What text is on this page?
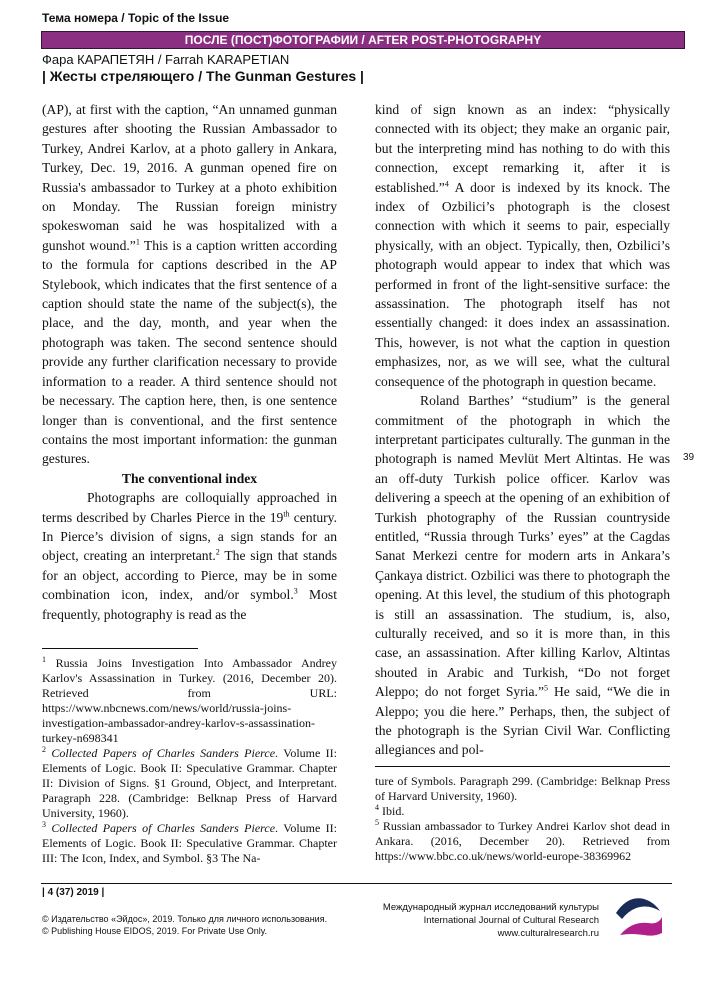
Тема номера / Topic of the Issue
ПОСЛЕ (ПОСТ)ФОТОГРАФИИ / AFTER POST-PHOTOGRAPHY
Фара КАРАПЕТЯН / Farrah KARAPETIAN
| Жесты стреляющего / The Gunman Gestures |

(AP), at first with the caption, “An unnamed gunman gestures after shooting the Russian Ambassador to Turkey, Andrei Karlov, at a photo gallery in Ankara, Turkey, Dec. 19, 2016. A gunman opened fire on Russia's ambassador to Turkey at a photo exhibition on Monday. The Russian foreign ministry spokeswoman said he was hospitalized with a gunshot wound.”$^1$ This is a caption written according to the formula for captions described in the AP Stylebook, which indicates that the first sentence of a caption should state the name of the subject(s), the place, and the day, month, and year when the photograph was taken. The second sentence should provide any further clarification necessary to provide information to a reader. A third sentence should not be necessary. The caption here, then, is one sentence longer than is conventional, and the first sentence contains the most important information: the gunman gestures.

The conventional index

Photographs are colloquially approached in terms described by Charles Pierce in the 19th century. In Pierce’s division of signs, a sign stands for an object, creating an interpretant.$^2$ The sign that stands for an object, according to Pierce, may be in some combination icon, index, and/or symbol.$^3$ Most frequently, photography is read as the

kind of sign known as an index: “physically connected with its object; they make an organic pair, but the interpreting mind has nothing to do with this connection, except remarking it, after it is established.”$^4$ A door is indexed by its knock. The index of Ozbilici’s photograph is the closest connection with which it seems to pair, especially physically, with an object. Typically, then, Ozbilici’s photograph would appear to index that which was performed in front of the light-sensitive surface: the assassination. The photograph itself has not essentially changed: it does index an assassination. This, however, is not what the caption in question emphasizes, nor, as we will see, what the cultural consequence of the photograph in question became.

Roland Barthes’ “studium” is the general commitment of the photograph in which the interpretant participates culturally. The gunman in the photograph is named Mevlüt Mert Altintas. He was an off-duty Turkish police officer. Karlov was delivering a speech at the opening of an exhibition of Turkish photography of the Russian countryside entitled, “Russia through Turks’ eyes” at the Cagdas Sanat Merkezi centre for modern arts in Ankara’s Çankaya district. Ozbilici was there to photograph the opening. At this level, the studium of this photograph is still an assassination. The studium, is, also, culturally received, and so it is more than, in this case, an assassination. After killing Karlov, Altintas shouted in Arabic and Turkish, “Do not forget Aleppo; do not forget Syria.”$^5$ He said, “We die in Aleppo; you die here.” Perhaps, then, the subject of the photograph is the Syrian Civil War. Conflicting allegiances and pol-

$^1$ Russia Joins Investigation Into Ambassador Andrey Karlov's Assassination in Turkey. (2016, December 20). Retrieved from URL: https://www.nbcnews.com/news/world/russia-joins-investigation-ambassador-andrey-karlov-s-assassination-turkey-n698341

$^2$ Collected Papers of Charles Sanders Pierce. Volume II: Elements of Logic. Book II: Speculative Grammar. Chapter II: Division of Signs. §1 Ground, Object, and Interpretant. Paragraph 228. (Cambridge: Belknap Press of Harvard University, 1960).

$^3$ Collected Papers of Charles Sanders Pierce. Volume II: Elements of Logic. Book II: Speculative Grammar. Chapter III: The Icon, Index, and Symbol. §3 The Na-

ture of Symbols. Paragraph 299. (Cambridge: Belknap Press of Harvard University, 1960).

$^4$ Ibid.

$^5$ Russian ambassador to Turkey Andrei Karlov shot dead in Ankara. (2016, December 20). Retrieved from https://www.bbc.co.uk/news/world-europe-38369962

39
| 4 (37) 2019 |
© Издательство «Эйдос», 2019. Только для личного использования.
© Publishing House EIDOS, 2019. For Private Use Only.
Международный журнал исследований культуры
International Journal of Cultural Research
www.culturalresearch.ru
